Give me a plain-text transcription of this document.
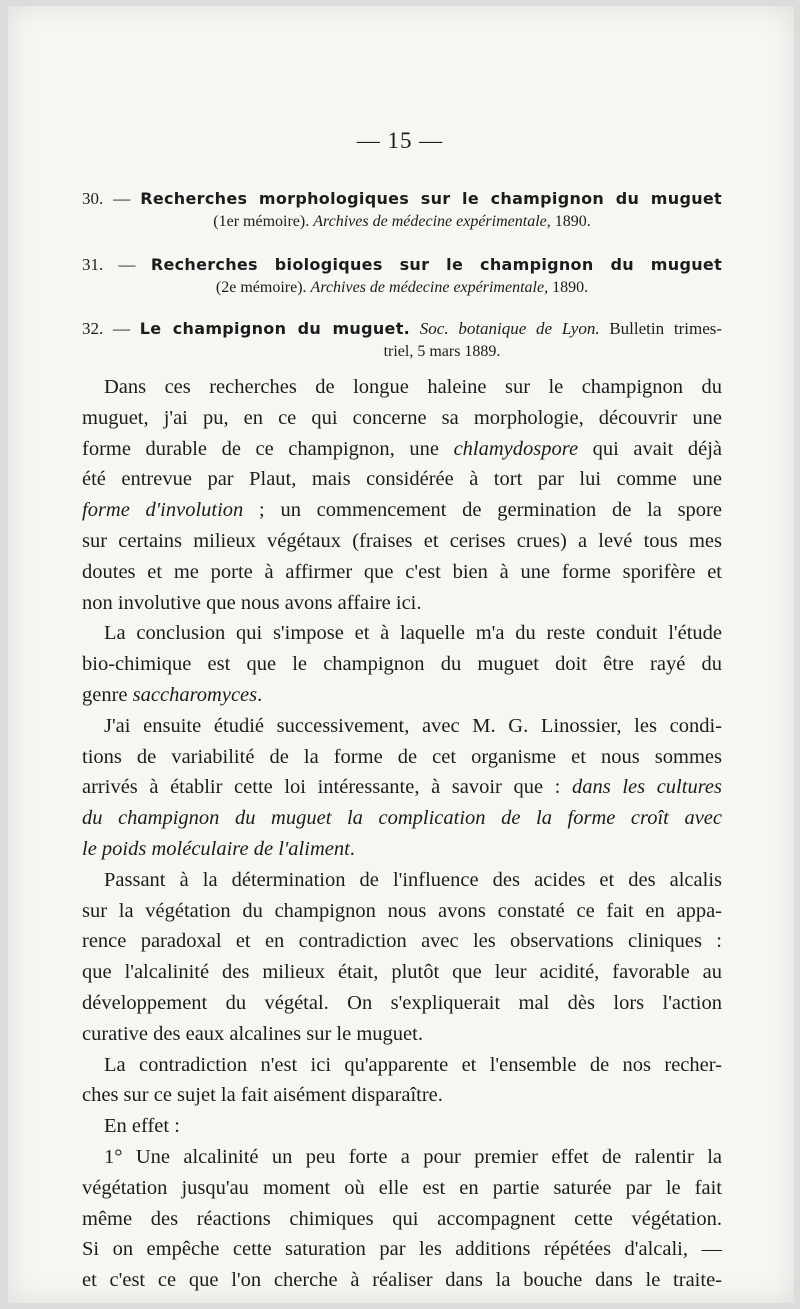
— 15 —
30. — Recherches morphologiques sur le champignon du muguet
(1er mémoire). Archives de médecine expérimentale, 1890.
31. — Recherches biologiques sur le champignon du muguet
(2e mémoire). Archives de médecine expérimentale, 1890.
32. — Le champignon du muguet. Soc. botanique de Lyon. Bulletin trimes-
triel, 5 mars 1889.

Dans ces recherches de longue haleine sur le champignon du
muguet, j'ai pu, en ce qui concerne sa morphologie, découvrir une
forme durable de ce champignon, une chlamydospore qui avait déjà
été entrevue par Plaut, mais considérée à tort par lui comme une
forme d'involution ; un commencement de germination de la spore
sur certains milieux végétaux (fraises et cerises crues) a levé tous mes
doutes et me porte à affirmer que c'est bien à une forme sporifère et
non involutive que nous avons affaire ici.

La conclusion qui s'impose et à laquelle m'a du reste conduit l'étude
bio-chimique est que le champignon du muguet doit être rayé du
genre saccharomyces.

J'ai ensuite étudié successivement, avec M. G. Linossier, les condi-
tions de variabilité de la forme de cet organisme et nous sommes
arrivés à établir cette loi intéressante, à savoir que : dans les cultures
du champignon du muguet la complication de la forme croît avec
le poids moléculaire de l'aliment.

Passant à la détermination de l'influence des acides et des alcalis
sur la végétation du champignon nous avons constaté ce fait en appa-
rence paradoxal et en contradiction avec les observations cliniques :
que l'alcalinité des milieux était, plutôt que leur acidité, favorable au
développement du végétal. On s'expliquerait mal dès lors l'action
curative des eaux alcalines sur le muguet.

La contradiction n'est ici qu'apparente et l'ensemble de nos recher-
ches sur ce sujet la fait aisément disparaître.

En effet :

1° Une alcalinité un peu forte a pour premier effet de ralentir la
végétation jusqu'au moment où elle est en partie saturée par le fait
même des réactions chimiques qui accompagnent cette végétation.
Si on empêche cette saturation par les additions répétées d'alcali, —
et c'est ce que l'on cherche à réaliser dans la bouche dans le traite-
